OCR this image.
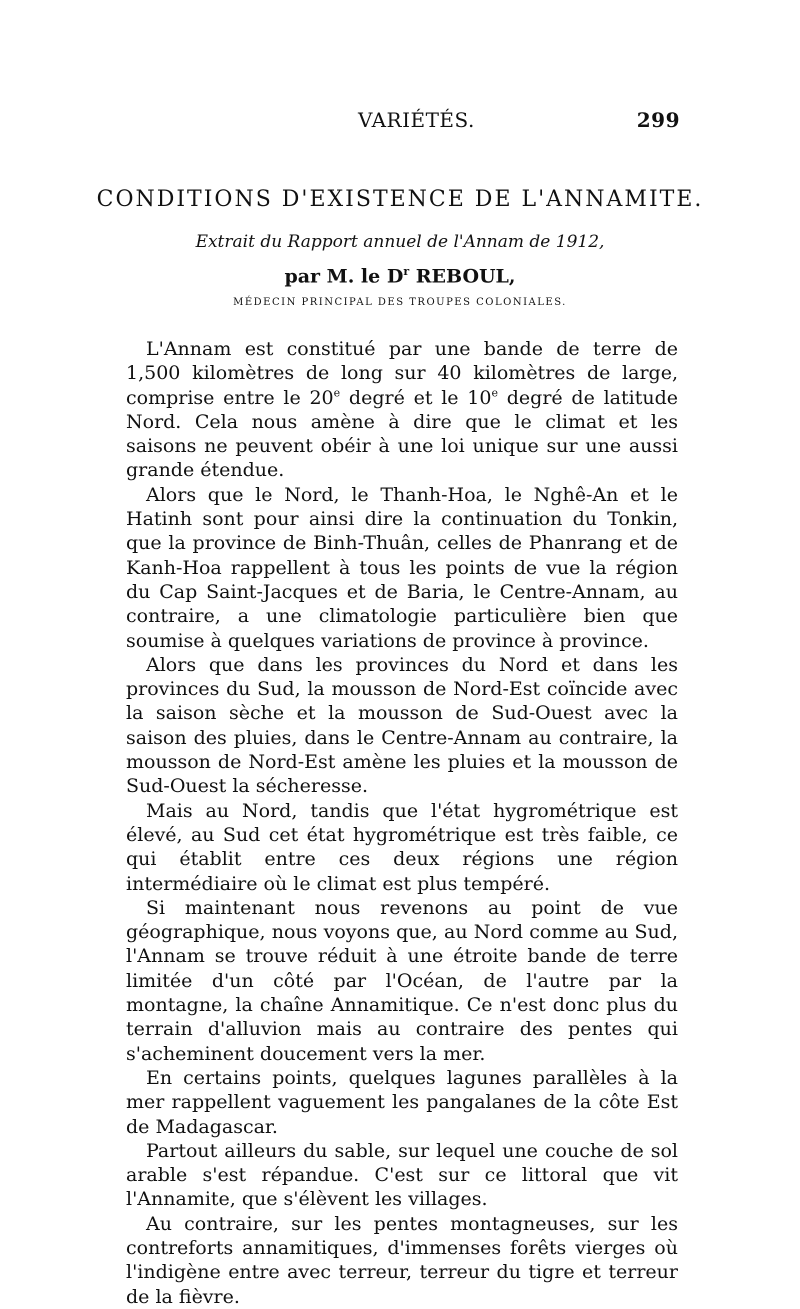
VARIÉTÉS.	299
CONDITIONS D'EXISTENCE DE L'ANNAMITE.
Extrait du Rapport annuel de l'Annam de 1912,
par M. le $D^r$ REBOUL,
MÉDECIN PRINCIPAL DES TROUPES COLONIALES.

L'Annam est constitué par une bande de terre de 1,500 kilomètres de long sur 40 kilomètres de large, comprise entre le 20e degré et le 10e degré de latitude Nord. Cela nous amène à dire que le climat et les saisons ne peuvent obéir à une loi unique sur une aussi grande étendue.

Alors que le Nord, le Thanh-Hoa, le Nghê-An et le Hatinh sont pour ainsi dire la continuation du Tonkin, que la province de Binh-Thuân, celles de Phanrang et de Kanh-Hoa rappellent à tous les points de vue la région du Cap Saint-Jacques et de Baria, le Centre-Annam, au contraire, a une climatologie particulière bien que soumise à quelques variations de province à province.

Alors que dans les provinces du Nord et dans les provinces du Sud, la mousson de Nord-Est coïncide avec la saison sèche et la mousson de Sud-Ouest avec la saison des pluies, dans le Centre-Annam au contraire, la mousson de Nord-Est amène les pluies et la mousson de Sud-Ouest la sécheresse.

Mais au Nord, tandis que l'état hygrométrique est élevé, au Sud cet état hygrométrique est très faible, ce qui établit entre ces deux régions une région intermédiaire où le climat est plus tempéré.

Si maintenant nous revenons au point de vue géographique, nous voyons que, au Nord comme au Sud, l'Annam se trouve réduit à une étroite bande de terre limitée d'un côté par l'Océan, de l'autre par la montagne, la chaîne Annamitique. Ce n'est donc plus du terrain d'alluvion mais au contraire des pentes qui s'acheminent doucement vers la mer.

En certains points, quelques lagunes parallèles à la mer rappellent vaguement les pangalanes de la côte Est de Madagascar.

Partout ailleurs du sable, sur lequel une couche de sol arable s'est répandue. C'est sur ce littoral que vit l'Annamite, que s'élèvent les villages.

Au contraire, sur les pentes montagneuses, sur les contreforts annamitiques, d'immenses forêts vierges où l'indigène entre avec terreur, terreur du tigre et terreur de la fièvre.
